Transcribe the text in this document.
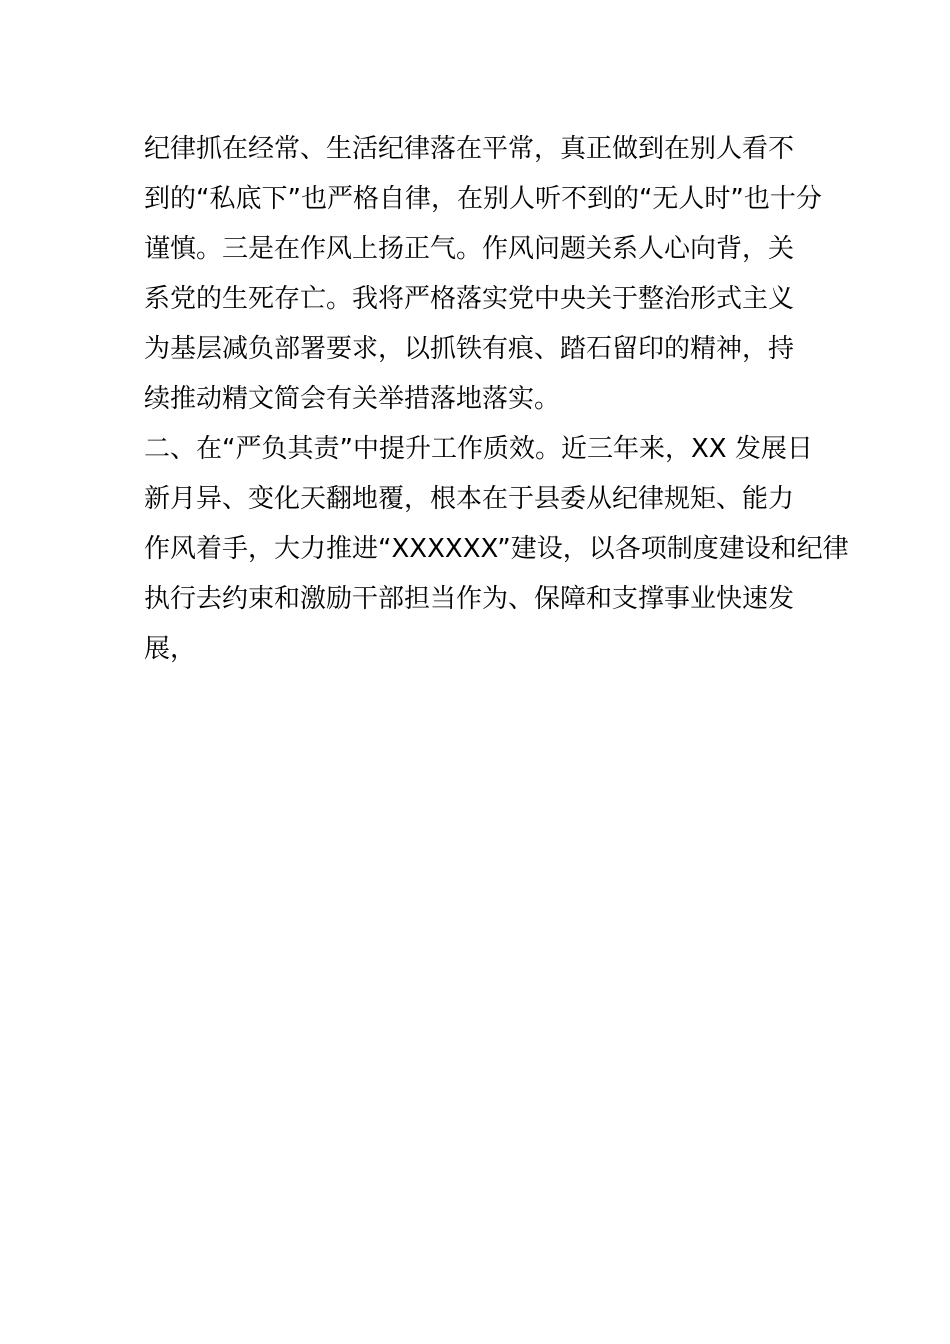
纪律抓在经常、生活纪律落在平常，真正做到在别人看不
到的“私底下”也严格自律，在别人听不到的“无人时”也十分
谨慎。三是在作风上扬正气。作风问题关系人心向背，关
系党的生死存亡。我将严格落实党中央关于整治形式主义
为基层减负部署要求，以抓铁有痕、踏石留印的精神，持
续推动精文简会有关举措落地落实。
二、在“严负其责”中提升工作质效。近三年来，XX 发展日
新月异、变化天翻地覆，根本在于县委从纪律规矩、能力
作风着手，大力推进“XXXXXX”建设，以各项制度建设和纪律
执行去约束和激励干部担当作为、保障和支撑事业快速发
展，
